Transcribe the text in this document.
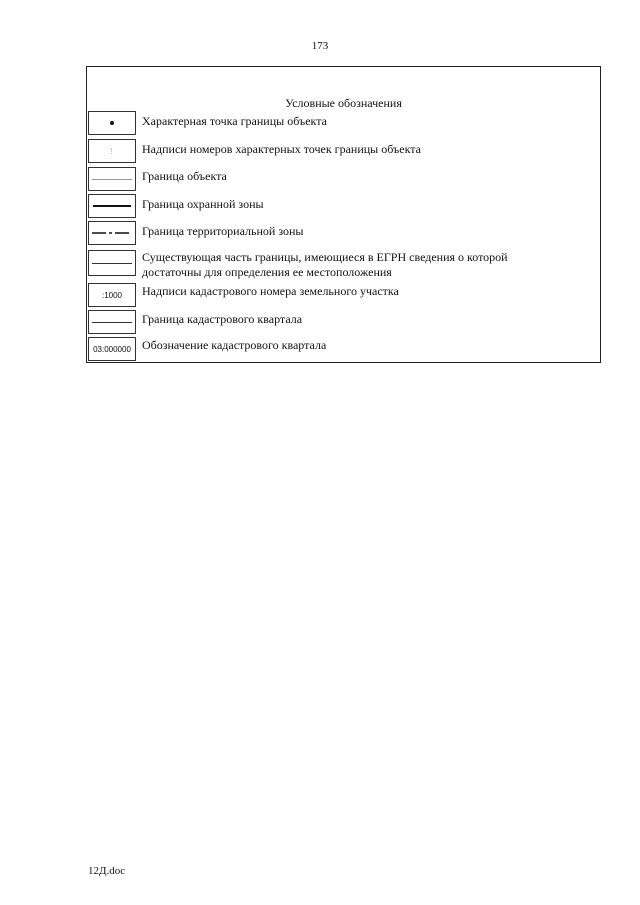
173
Условные обозначения
Характерная точка границы объекта
Надписи номеров характерных точек границы объекта
Граница объекта
Граница охранной зоны
Граница территориальной зоны
Существующая часть границы, имеющиеся в ЕГРН сведения о которой
достаточны для определения ее местоположения
:1000 Надписи кадастрового номера земельного участка
Граница кадастрового квартала
03:000000 Обозначение кадастрового квартала
12Д.doc
